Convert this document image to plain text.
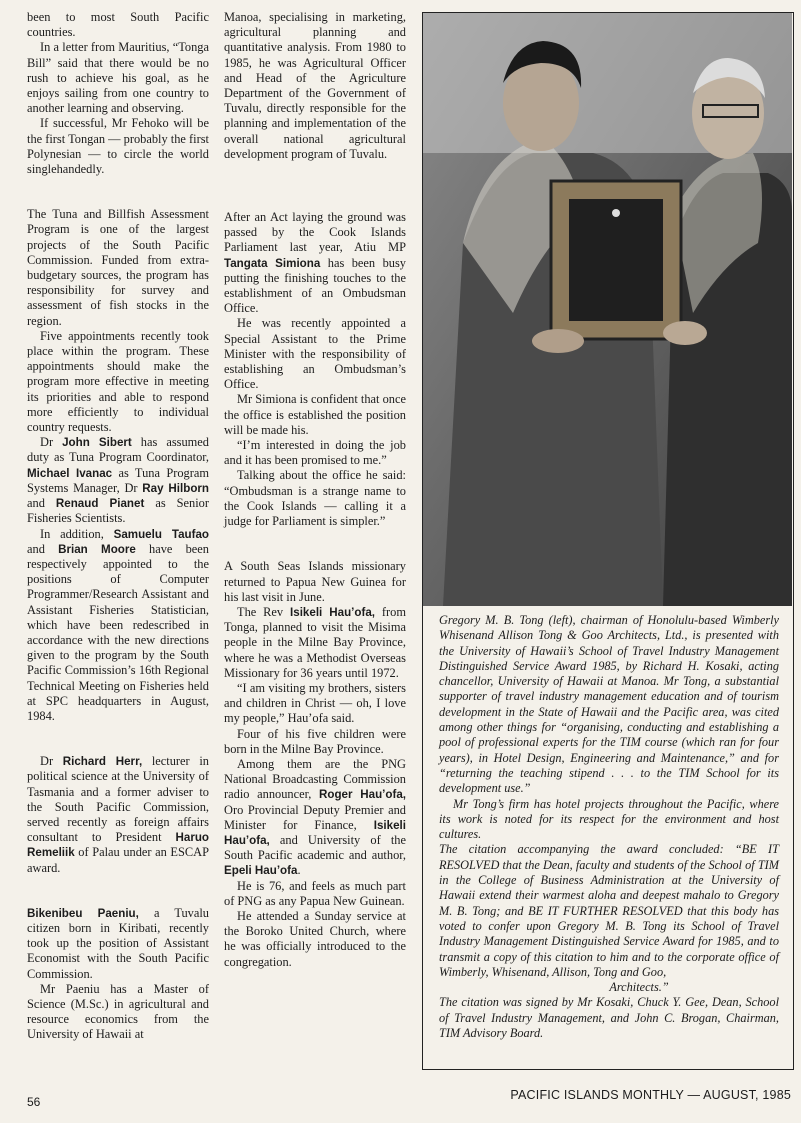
been to most South Pacific countries.

In a letter from Mauritius, “Tonga Bill” said that there would be no rush to achieve his goal, as he enjoys sailing from one country to another learning and observing.

If successful, Mr Fehoko will be the first Tongan — probably the first Polynesian — to circle the world singlehandedly.

The Tuna and Billfish Assessment Program is one of the largest projects of the South Pacific Commission. Funded from extra-budgetary sources, the program has responsibility for survey and assessment of fish stocks in the region.

Five appointments recently took place within the program. These appointments should make the program more effective in meeting its priorities and able to respond more efficiently to individual country requests.

Dr John Sibert has assumed duty as Tuna Program Coordinator, Michael Ivanac as Tuna Program Systems Manager, Dr Ray Hilborn and Renaud Pianet as Senior Fisheries Scientists.

In addition, Samuelu Taufao and Brian Moore have been respectively appointed to the positions of Computer Programmer/Research Assistant and Assistant Fisheries Statistician, which have been redescribed in accordance with the new directions given to the program by the South Pacific Commission’s 16th Regional Technical Meeting on Fisheries held at SPC headquarters in August, 1984.

Dr Richard Herr, lecturer in political science at the University of Tasmania and a former adviser to the South Pacific Commission, served recently as foreign affairs consultant to President Haruo Remeliik of Palau under an ESCAP award.

Bikenibeu Paeniu, a Tuvalu citizen born in Kiribati, recently took up the position of Assistant Economist with the South Pacific Commission.

Mr Paeniu has a Master of Science (M.Sc.) in agricultural and resource economics from the University of Hawaii at

Manoa, specialising in marketing, agricultural planning and quantitative analysis. From 1980 to 1985, he was Agricultural Officer and Head of the Agriculture Department of the Government of Tuvalu, directly responsible for the planning and implementation of the overall national agricultural development program of Tuvalu.

After an Act laying the ground was passed by the Cook Islands Parliament last year, Atiu MP Tangata Simiona has been busy putting the finishing touches to the establishment of an Ombudsman Office.

He was recently appointed a Special Assistant to the Prime Minister with the responsibility of establishing an Ombudsman’s Office.

Mr Simiona is confident that once the office is established the position will be made his.

“I’m interested in doing the job and it has been promised to me.”

Talking about the office he said: “Ombudsman is a strange name to the Cook Islands — calling it a judge for Parliament is simpler.”

A South Seas Islands missionary returned to Papua New Guinea for his last visit in June.

The Rev Isikeli Hau’ofa, from Tonga, planned to visit the Misima people in the Milne Bay Province, where he was a Methodist Overseas Missionary for 36 years until 1972.

“I am visiting my brothers, sisters and children in Christ — oh, I love my people,” Hau’ofa said.

Four of his five children were born in the Milne Bay Province.

Among them are the PNG National Broadcasting Commission radio announcer, Roger Hau’ofa, Oro Provincial Deputy Premier and Minister for Finance, Isikeli Hau’ofa, and University of the South Pacific academic and author, Epeli Hau’ofa.

He is 76, and feels as much part of PNG as any Papua New Guinean.

He attended a Sunday service at the Boroko United Church, where he was officially introduced to the congregation.

Gregory M. B. Tong (left), chairman of Honolulu-based Wimberly Whisenand Allison Tong & Goo Architects, Ltd., is presented with the University of Hawaii’s School of Travel Industry Management Distinguished Service Award 1985, by Richard H. Kosaki, acting chancellor, University of Hawaii at Manoa. Mr Tong, a substantial supporter of travel industry management education and of tourism development in the State of Hawaii and the Pacific area, was cited among other things for “organising, conducting and establishing a pool of professional experts for the TIM course (which ran for four years), in Hotel Design, Engineering and Maintenance,” and for “returning the teaching stipend . . . to the TIM School for its development use.”

Mr Tong’s firm has hotel projects throughout the Pacific, where its work is noted for its respect for the environment and host cultures.

The citation accompanying the award concluded: “BE IT RESOLVED that the Dean, faculty and students of the School of TIM in the College of Business Administration at the University of Hawaii extend their warmest aloha and deepest mahalo to Gregory M. B. Tong; and BE IT FURTHER RESOLVED that this body has voted to confer upon Gregory M. B. Tong its School of Travel Industry Management Distinguished Service Award for 1985, and to transmit a copy of this citation to him and to the corporate office of Wimberly, Whisenand, Allison, Tong and Goo,

Architects.”

The citation was signed by Mr Kosaki, Chuck Y. Gee, Dean, School of Travel Industry Management, and John C. Brogan, Chairman, TIM Advisory Board.

56	PACIFIC ISLANDS MONTHLY — AUGUST, 1985
